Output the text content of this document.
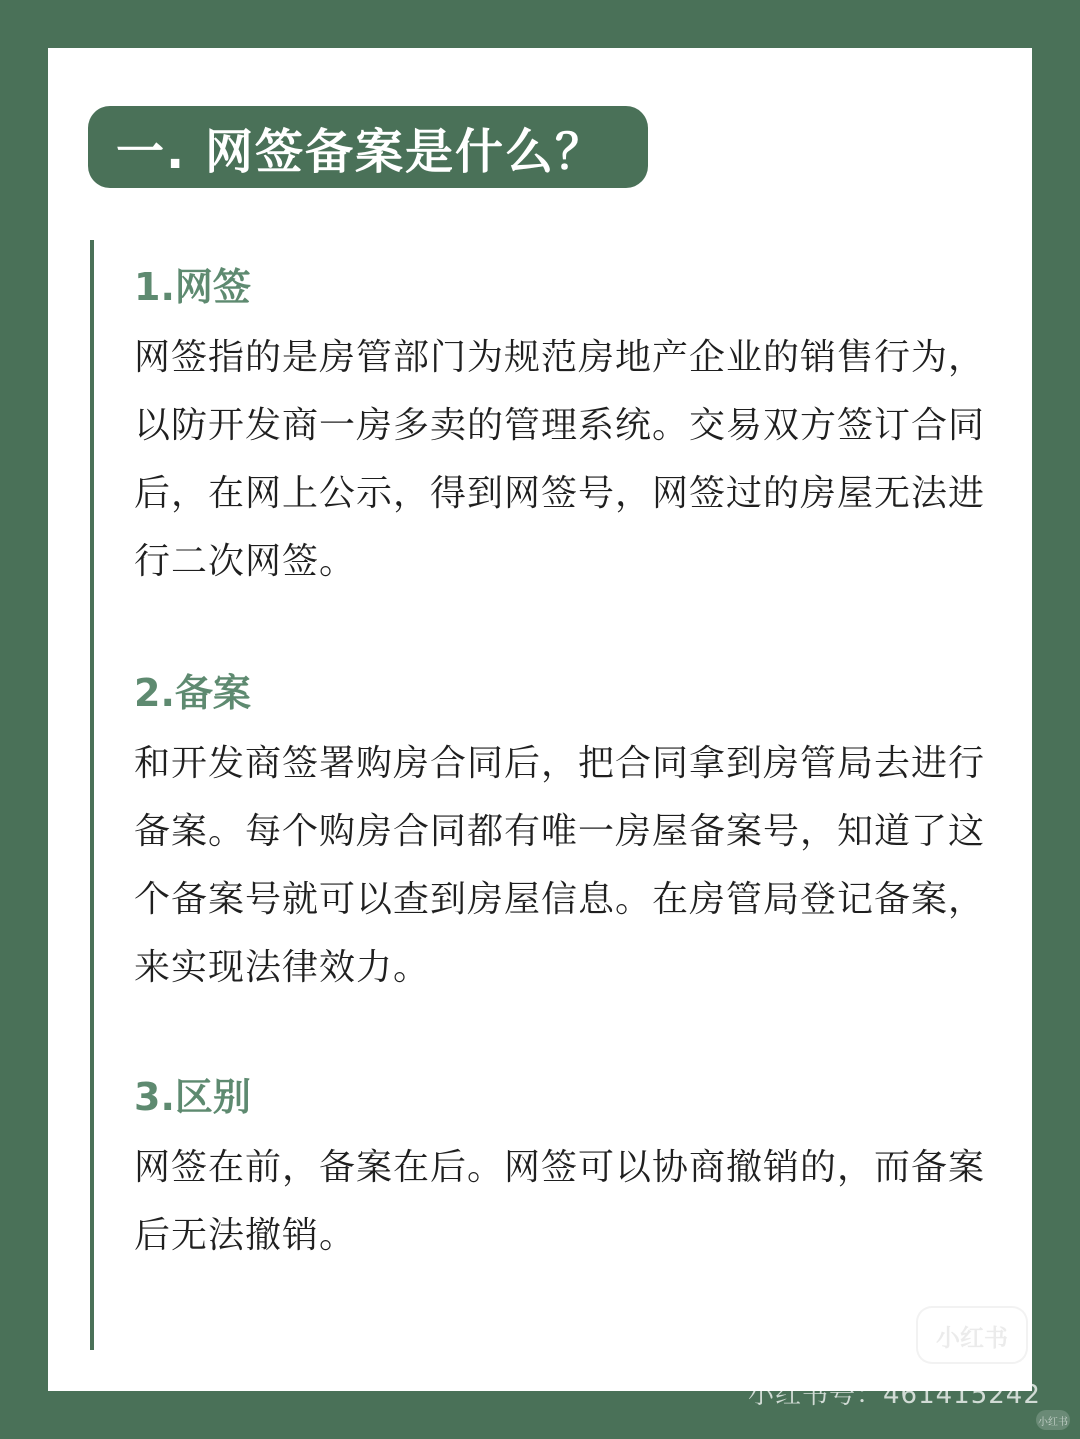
一. 网签备案是什么？
1.网签

网签指的是房管部门为规范房地产企业的销售行为，以防开发商一房多卖的管理系统。交易双方签订合同后，在网上公示，得到网签号，网签过的房屋无法进行二次网签。

2.备案

和开发商签署购房合同后，把合同拿到房管局去进行备案。每个购房合同都有唯一房屋备案号，知道了这个备案号就可以查到房屋信息。在房管局登记备案，来实现法律效力。

3.区别

网签在前，备案在后。网签可以协商撤销的，而备案后无法撤销。

小红书
小红书号：461415242
小红书
